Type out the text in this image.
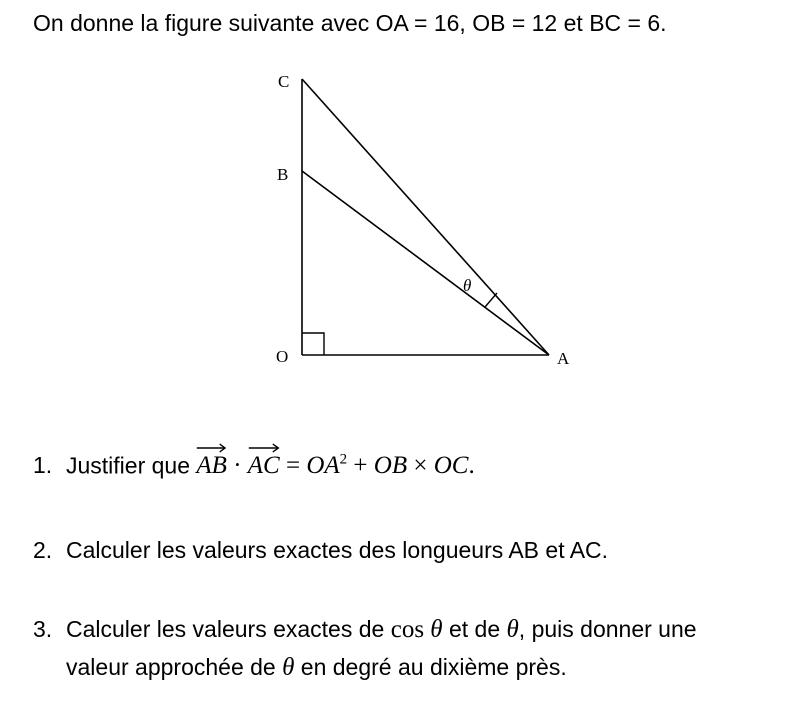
On donne la figure suivante avec OA = 16, OB = 12 et BC = 6.
C
B
O	A
θ
1. Justifier que
AB ·
AC = $OA^2$ + OB × OC.
2. Calculer les valeurs exactes des longueurs AB et AC.
3. Calculer les valeurs exactes de cos θ et de θ, puis donner une
valeur approchée de θ en degré au dixième près.
